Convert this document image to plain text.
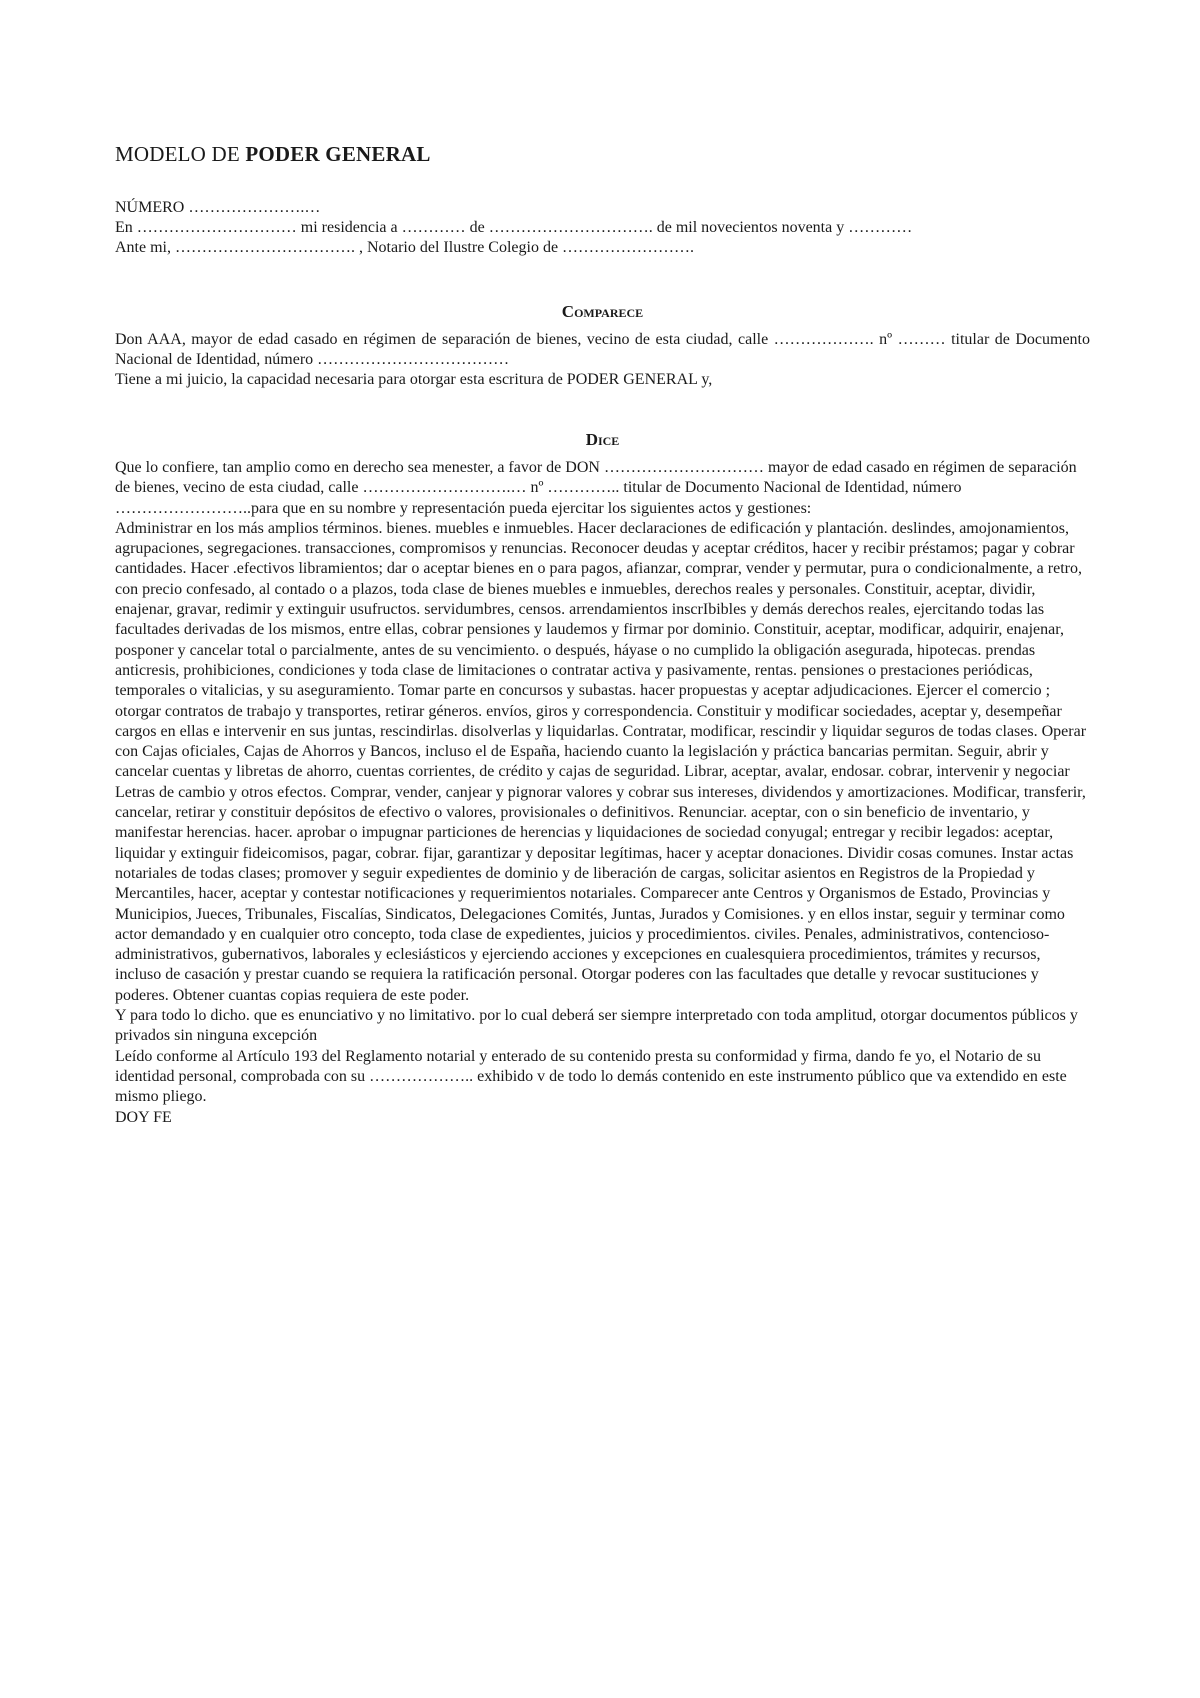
MODELO DE PODER GENERAL
NÚMERO ………………….…
En ………………………… mi residencia a ………… de …………………………. de mil novecientos noventa y …………
Ante mi, ……………………………. , Notario del Ilustre Colegio de …………………….
Comparece

Don AAA, mayor de edad casado en régimen de separación de bienes, vecino de esta ciudad, calle ………………. nº ……… titular de Documento Nacional de Identidad, número ………………………………

Tiene a mi juicio, la capacidad necesaria para otorgar esta escritura de PODER GENERAL y,

Dice

Que lo confiere, tan amplio como en derecho sea menester, a favor de DON ………………………… mayor de edad casado en régimen de separación de bienes, vecino de esta ciudad, calle ……………………….… nº ………….. titular de Documento Nacional de Identidad, número ……………………..para que en su nombre y representación pueda ejercitar los siguientes actos y gestiones:

Administrar en los más amplios términos. bienes. muebles e inmuebles. Hacer declaraciones de edificación y plantación. deslindes, amojonamientos, agrupaciones, segregaciones. transacciones, compromisos y renuncias. Reconocer deudas y aceptar créditos, hacer y recibir préstamos; pagar y cobrar cantidades. Hacer .efectivos libramientos; dar o aceptar bienes en o para pagos, afianzar, comprar, vender y permutar, pura o condicionalmente, a retro, con precio confesado, al contado o a plazos, toda clase de bienes muebles e inmuebles, derechos reales y personales. Constituir, aceptar, dividir, enajenar, gravar, redimir y extinguir usufructos. servidumbres, censos. arrendamientos inscrIbibles y demás derechos reales, ejercitando todas las facultades derivadas de los mismos, entre ellas, cobrar pensiones y laudemos y firmar por dominio. Constituir, aceptar, modificar, adquirir, enajenar, posponer y cancelar total o parcialmente, antes de su vencimiento. o después, háyase o no cumplido la obligación asegurada, hipotecas. prendas anticresis, prohibiciones, condiciones y toda clase de limitaciones o contratar activa y pasivamente, rentas. pensiones o prestaciones periódicas, temporales o vitalicias, y su aseguramiento. Tomar parte en concursos y subastas. hacer propuestas y aceptar adjudicaciones. Ejercer el comercio ; otorgar contratos de trabajo y transportes, retirar géneros. envíos, giros y correspondencia. Constituir y modificar sociedades, aceptar y, desempeñar cargos en ellas e intervenir en sus juntas, rescindirlas. disolverlas y liquidarlas. Contratar, modificar, rescindir y liquidar seguros de todas clases. Operar con Cajas oficiales, Cajas de Ahorros y Bancos, incluso el de España, haciendo cuanto la legislación y práctica bancarias permitan. Seguir, abrir y cancelar cuentas y libretas de ahorro, cuentas corrientes, de crédito y cajas de seguridad. Librar, aceptar, avalar, endosar. cobrar, intervenir y negociar Letras de cambio y otros efectos. Comprar, vender, canjear y pignorar valores y cobrar sus intereses, dividendos y amortizaciones. Modificar, transferir, cancelar, retirar y constituir depósitos de efectivo o valores, provisionales o definitivos. Renunciar. aceptar, con o sin beneficio de inventario, y manifestar herencias. hacer. aprobar o impugnar particiones de herencias y liquidaciones de sociedad conyugal; entregar y recibir legados: aceptar, liquidar y extinguir fideicomisos, pagar, cobrar. fijar, garantizar y depositar legítimas, hacer y aceptar donaciones. Dividir cosas comunes. Instar actas notariales de todas clases; promover y seguir expedientes de dominio y de liberación de cargas, solicitar asientos en Registros de la Propiedad y Mercantiles, hacer, aceptar y contestar notificaciones y requerimientos notariales. Comparecer ante Centros y Organismos de Estado, Provincias y Municipios, Jueces, Tribunales, Fiscalías, Sindicatos, Delegaciones Comités, Juntas, Jurados y Comisiones. y en ellos instar, seguir y terminar como actor demandado y en cualquier otro concepto, toda clase de expedientes, juicios y procedimientos. civiles. Penales, administrativos, contencioso-administrativos, gubernativos, laborales y eclesiásticos y ejerciendo acciones y excepciones en cualesquiera procedimientos, trámites y recursos, incluso de casación y prestar cuando se requiera la ratificación personal. Otorgar poderes con las facultades que detalle y revocar sustituciones y poderes. Obtener cuantas copias requiera de este poder.

Y para todo lo dicho. que es enunciativo y no limitativo. por lo cual deberá ser siempre interpretado con toda amplitud, otorgar documentos públicos y privados sin ninguna excepción

Leído conforme al Artículo 193 del Reglamento notarial y enterado de su contenido presta su conformidad y firma, dando fe yo, el Notario de su identidad personal, comprobada con su ……………….. exhibido v de todo lo demás contenido en este instrumento público que va extendido en este mismo pliego.

DOY FE
